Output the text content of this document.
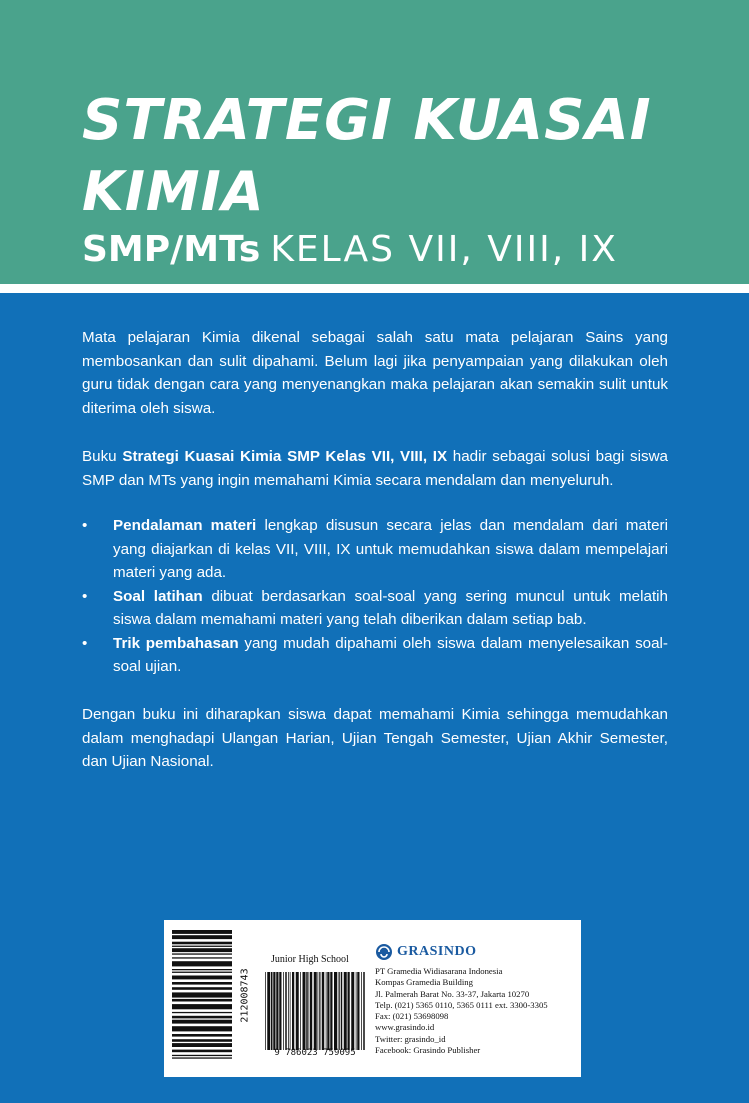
STRATEGI KUASAI
KIMIA
SMP/MTs KELAS VII, VIII, IX
Mata pelajaran Kimia dikenal sebagai salah satu mata pelajaran Sains yang membosankan dan sulit dipahami. Belum lagi jika penyampaian yang dilakukan oleh guru tidak dengan cara yang menyenangkan maka pelajaran akan semakin sulit untuk diterima oleh siswa.
Buku Strategi Kuasai Kimia SMP Kelas VII, VIII, IX hadir sebagai solusi bagi siswa SMP dan MTs yang ingin memahami Kimia secara mendalam dan menyeluruh.
• Pendalaman materi lengkap disusun secara jelas dan mendalam dari materi yang diajarkan di kelas VII, VIII, IX untuk memudahkan siswa dalam mempelajari materi yang ada.
• Soal latihan dibuat berdasarkan soal-soal yang sering muncul untuk melatih siswa dalam memahami materi yang telah diberikan dalam setiap bab.
• Trik pembahasan yang mudah dipahami oleh siswa dalam menyelesaikan soal-soal ujian.
Dengan buku ini diharapkan siswa dapat memahami Kimia sehingga memudahkan dalam menghadapi Ulangan Harian, Ujian Tengah Semester, Ujian Akhir Semester, dan Ujian Nasional.
212008743
Junior High School
9 786023 759095
GRASINDO
PT Gramedia Widiasarana Indonesia
Kompas Gramedia Building
Jl. Palmerah Barat No. 33-37, Jakarta 10270
Telp. (021) 5365 0110, 5365 0111 ext. 3300-3305
Fax: (021) 53698098
www.grasindo.id
Twitter: grasindo_id
Facebook: Grasindo Publisher
